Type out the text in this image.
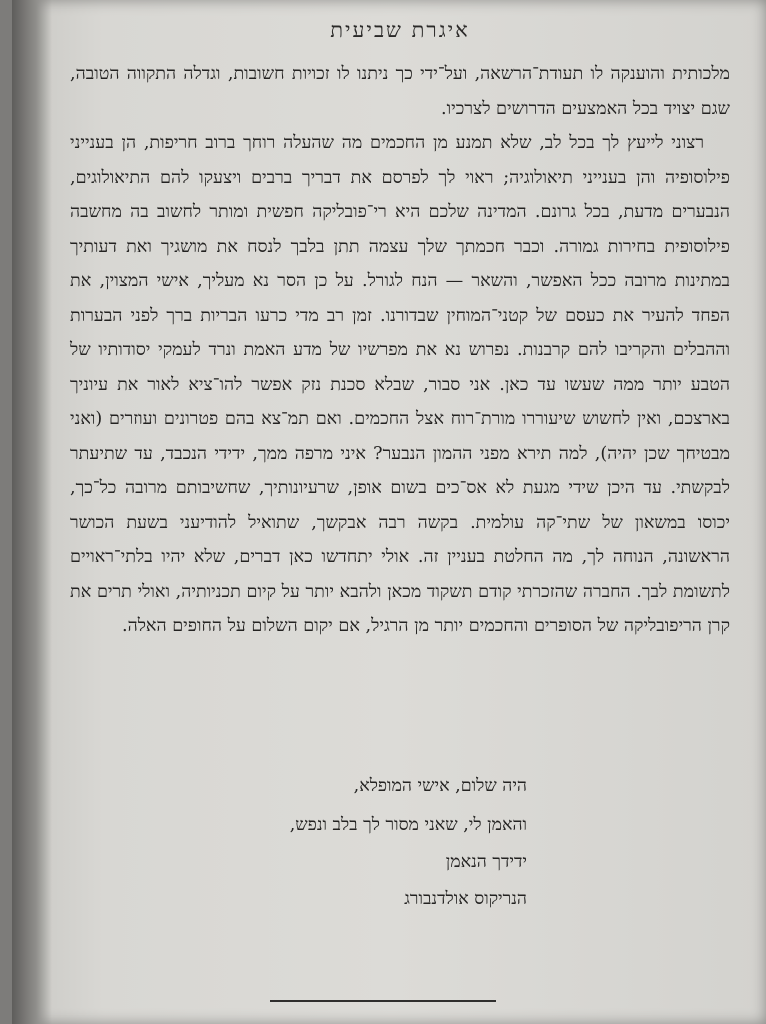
איגרת שביעית

מלכותית והוענקה לו תעודת־הרשאה, ועל־ידי כך ניתנו לו זכויות חשובות, וגדלה התקווה הטובה, שגם יצויד בכל האמצעים הדרושים לצרכיו.

רצוני לייעץ לך בכל לב, שלא תמנע מן החכמים מה שהעלה רוחך ברוב חריפות, הן בענייני פילוסופיה והן בענייני תיאולוגיה; ראוי לך לפרסם את דבריך ברבים ויצעקו להם התיאולוגים, הנבערים מדעת, בכל גרונם. המדינה שלכם היא רי־פובליקה חפשית ומותר לחשוב בה מחשבה פילוסופית בחירות גמורה. וכבר חכמתך שלך עצמה תתן בלבך לנסח את מושגיך ואת דעותיך במתינות מרובה ככל האפשר, והשאר — הנח לגורל. על כן הסר נא מעליך, אישי המצוין, את הפחד להעיר את כעסם של קטני־המוחין שבדורנו. זמן רב מדי כרעו הבריות ברך לפני הבערות וההבלים והקריבו להם קרבנות. נפרוש נא את מפרשיו של מדע האמת ונרד לעמקי יסודותיו של הטבע יותר ממה שעשו עד כאן. אני סבור, שבלא סכנת נזק אפשר להו־ציא לאור את עיוניך בארצכם, ואין לחשוש שיעוררו מורת־רוח אצל החכמים. ואם תמ־צא בהם פטרונים ועוזרים (ואני מבטיחך שכן יהיה), למה תירא מפני ההמון הנבער? איני מרפה ממך, ידידי הנכבד, עד שתיעתר לבקשתי. עד היכן שידי מגעת לא אס־כים בשום אופן, שרעיונותיך, שחשיבותם מרובה כל־כך, יכוסו במשאון של שתי־קה עולמית. בקשה רבה אבקשך, שתואיל להודיעני בשעת הכושר הראשונה, הנוחה לך, מה החלטת בעניין זה. אולי יתחדשו כאן דברים, שלא יהיו בלתי־ראויים לתשומת לבך. החברה שהזכרתי קודם תשקוד מכאן ולהבא יותר על קיום תכניותיה, ואולי תרים את קרן הריפובליקה של הסופרים והחכמים יותר מן הרגיל, אם יקום השלום על החופים האלה.

היה שלום, אישי המופלא,
והאמן לי, שאני מסור לך בלב ונפש,
ידידך הנאמן
הנריקוס אולדנבורג
